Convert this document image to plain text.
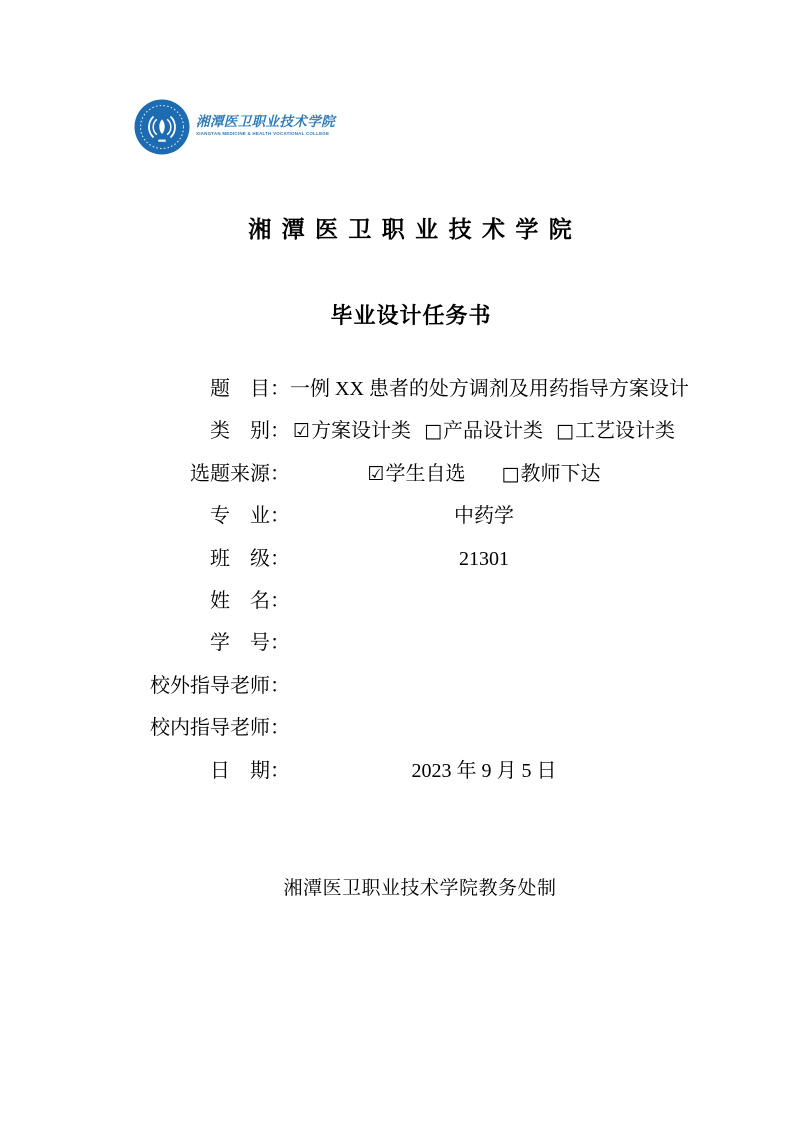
湘潭医卫职业技术学院
XIANGTAN MEDICINE & HEALTH VOCATIONAL COLLEGE
湘 潭 医 卫 职 业 技 术 学 院
毕业设计任务书
题　目： 一例 XX 患者的处方调剂及用药指导方案设计
类　别： ☑方案设计类 □产品设计类 □工艺设计类
选题来源：	☑学生自选 □教师下达
专　业：	中药学
班　级：	21301
姓　名：
学　号：
校外指导老师：
校内指导老师：
日　期：	2023 年 9 月 5 日
湘潭医卫职业技术学院教务处制
